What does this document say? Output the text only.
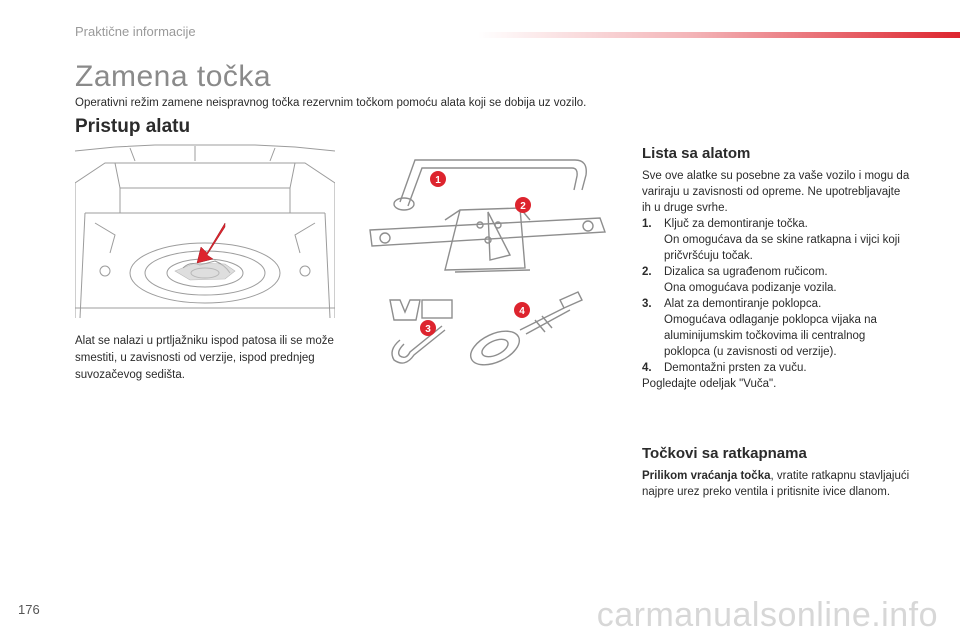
Praktične informacije
Zamena točka
Operativni režim zamene neispravnog točka rezervnim točkom pomoću alata koji se dobija uz vozilo.
Pristup alatu
1
2
3
4
Alat se nalazi u prtljažniku ispod patosa ili se može smestiti, u zavisnosti od verzije, ispod prednjeg suvozačevog sedišta.
Lista sa alatom
Sve ove alatke su posebne za vaše vozilo i mogu da variraju u zavisnosti od opreme. Ne upotrebljavajte ih u druge svrhe.
1.	Ključ za demontiranje točka.
On omogućava da se skine ratkapna i vijci koji pričvršćuju točak.
2.	Dizalica sa ugrađenom ručicom.
Ona omogućava podizanje vozila.
3.	Alat za demontiranje poklopca.
Omogućava odlaganje poklopca vijaka na aluminijumskim točkovima ili centralnog poklopca (u zavisnosti od verzije).
4.	Demontažni prsten za vuču.
Pogledajte odeljak "Vuča".
Točkovi sa ratkapnama
Prilikom vraćanja točka, vratite ratkapnu stavljajući najpre urez preko ventila i pritisnite ivice dlanom.
176	carmanualsonline.info
